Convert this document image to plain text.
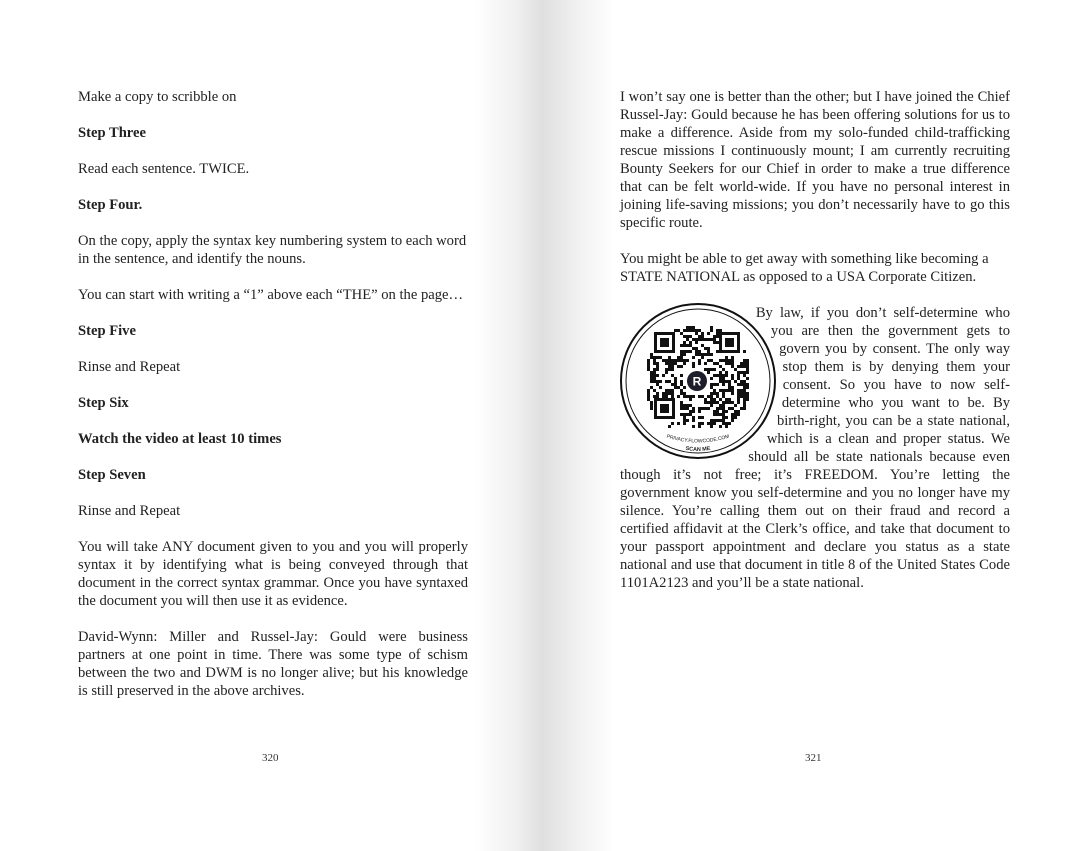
Make a copy to scribble on

Step Three

Read each sentence. TWICE.

Step Four.

On the copy, apply the syntax key numbering system to each word in the sentence, and identify the nouns.

You can start with writing a “1” above each “THE” on the page…

Step Five

Rinse and Repeat

Step Six

Watch the video at least 10 times

Step Seven

Rinse and Repeat

You will take ANY document given to you and you will properly syntax it by identifying what is being conveyed through that document in the correct syntax grammar. Once you have syntaxed the document you will then use it as evidence.

David-Wynn: Miller and Russel-Jay: Gould were business partners at one point in time. There was some type of schism between the two and DWM is no longer alive; but his knowledge is still preserved in the above archives.

320

I won’t say one is better than the other; but I have joined the Chief Russel-Jay: Gould because he has been offering solutions for us to make a difference. Aside from my solo-funded child-trafficking rescue missions I continuously mount; I am currently recruiting Bounty Seekers for our Chief in order to make a true difference that can be felt world-wide. If you have no personal interest in joining life-saving missions; you don’t necessarily have to go this specific route.

You might be able to get away with something like becoming a STATE NATIONAL as opposed to a USA Corporate Citizen.

R
PRIVACY.FLOWCODE.COM
SCAN ME

By law, if you don’t self-determine who you are then the government gets to govern you by consent. The only way stop them is by denying them your consent. So you have to now self-determine who you want to be. By birth-right, you can be a state national, which is a clean and proper status. We should all be state nationals because even though it’s not free; it’s FREEDOM. You’re letting the government know you self-determine and you no longer have my silence. You’re calling them out on their fraud and record a certified affidavit at the Clerk’s office, and take that document to your passport appointment and declare you status as a state national and use that document in title 8 of the United States Code 1101A2123 and you’ll be a state national.

321
